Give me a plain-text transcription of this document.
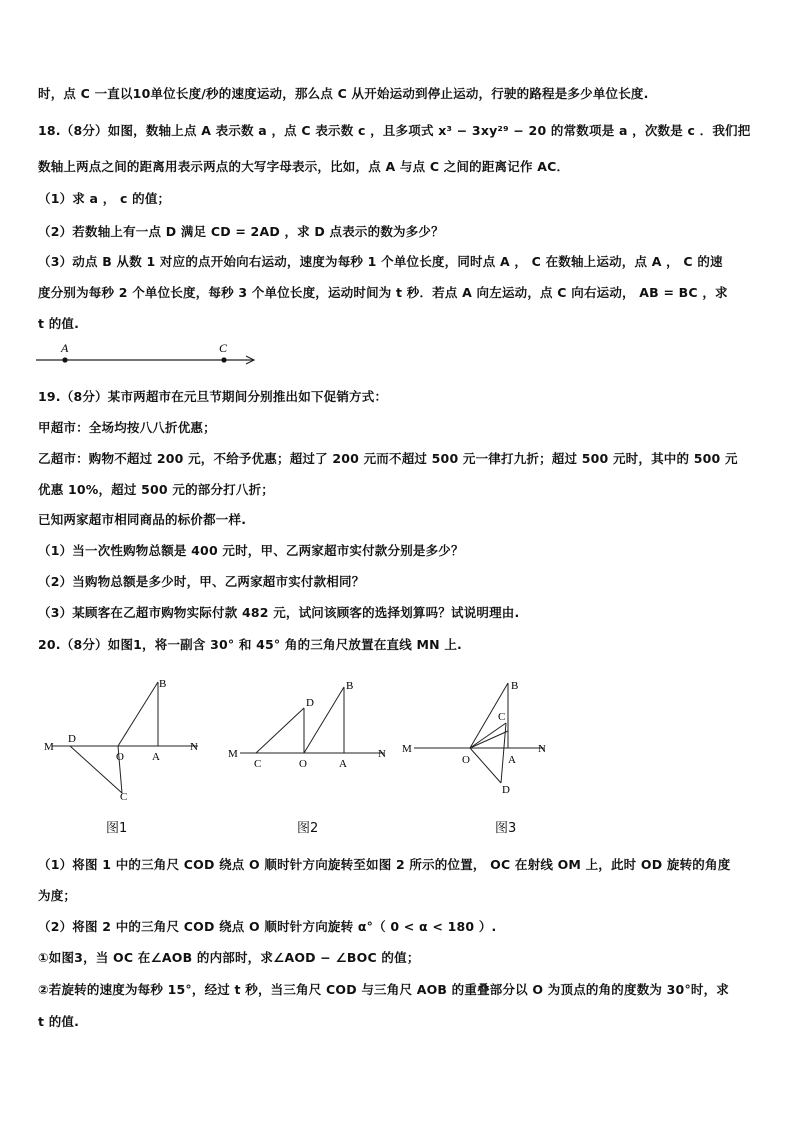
时，点 C 一直以10单位长度/秒的速度运动，那么点 C 从开始运动到停止运动，行驶的路程是多少单位长度.
18.（8分）如图，数轴上点 A 表示数 a ，点 C 表示数 c ，且多项式 x³ − 3xy²⁹ − 20 的常数项是 a ，次数是 c ．我们把
数轴上两点之间的距离用表示两点的大写字母表示，比如，点 A 与点 C 之间的距离记作 AC．
（1）求 a ， c 的值；
（2）若数轴上有一点 D 满足 CD = 2AD ，求 D 点表示的数为多少？
（3）动点 B 从数 1 对应的点开始向右运动，速度为每秒 1 个单位长度，同时点 A ， C 在数轴上运动，点 A ， C 的速
度分别为每秒 2 个单位长度，每秒 3 个单位长度，运动时间为 t 秒．若点 A 向左运动，点 C 向右运动， AB = BC ，求
t 的值.
A	C
19.（8分）某市两超市在元旦节期间分别推出如下促销方式：
甲超市：全场均按八八折优惠；
乙超市：购物不超过 200 元，不给予优惠；超过了 200 元而不超过 500 元一律打九折；超过 500 元时，其中的 500 元
优惠 10%，超过 500 元的部分打八折；
已知两家超市相同商品的标价都一样.
（1）当一次性购物总额是 400 元时，甲、乙两家超市实付款分别是多少？
（2）当购物总额是多少时，甲、乙两家超市实付款相同？
（3）某顾客在乙超市购物实际付款 482 元，试问该顾客的选择划算吗？试说明理由.
20.（8分）如图1，将一副含 30° 和 45° 角的三角尺放置在直线 MN 上.
M
D
B
O	A
N
C
图1
M
D
B
C	O	A
N
图2
M
B
C
O	A
N
D
图3
（1）将图 1 中的三角尺 COD 绕点 O 顺时针方向旋转至如图 2 所示的位置， OC 在射线 OM 上，此时 OD 旋转的角度
为度；
（2）将图 2 中的三角尺 COD 绕点 O 顺时针方向旋转 α°（ 0 < α < 180 ）.
①如图3，当 OC 在∠AOB 的内部时，求∠AOD − ∠BOC 的值；
②若旋转的速度为每秒 15°，经过 t 秒，当三角尺 COD 与三角尺 AOB 的重叠部分以 O 为顶点的角的度数为 30°时，求
t 的值.
